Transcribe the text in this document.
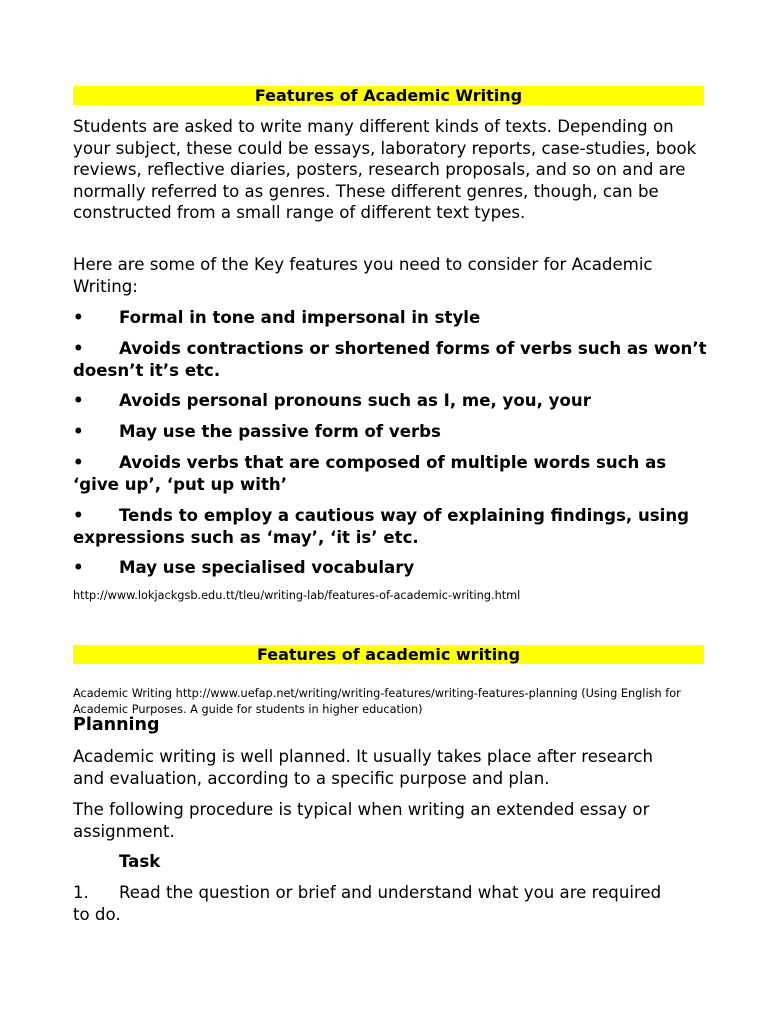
Features of Academic Writing

Students are asked to write many different kinds of texts. Depending on your subject, these could be essays, laboratory reports, case-studies, book reviews, reflective diaries, posters, research proposals, and so on and are normally referred to as genres. These different genres, though, can be constructed from a small range of different text types.

Here are some of the Key features you need to consider for Academic Writing:

• Formal in tone and impersonal in style
• Avoids contractions or shortened forms of verbs such as won’t doesn’t it’s etc.
• Avoids personal pronouns such as I, me, you, your
• May use the passive form of verbs
• Avoids verbs that are composed of multiple words such as ‘give up’, ‘put up with’
• Tends to employ a cautious way of explaining findings, using expressions such as ‘may’, ‘it is’ etc.
• May use specialised vocabulary
http://www.lokjackgsb.edu.tt/tleu/writing-lab/features-of-academic-writing.html
Features of academic writing

Academic Writing http://www.uefap.net/writing/writing-features/writing-features-planning (Using English for Academic Purposes. A guide for students in higher education)

Planning

Academic writing is well planned. It usually takes place after research and evaluation, according to a specific purpose and plan.

The following procedure is typical when writing an extended essay or assignment.

Task
1. Read the question or brief and understand what you are required to do.
